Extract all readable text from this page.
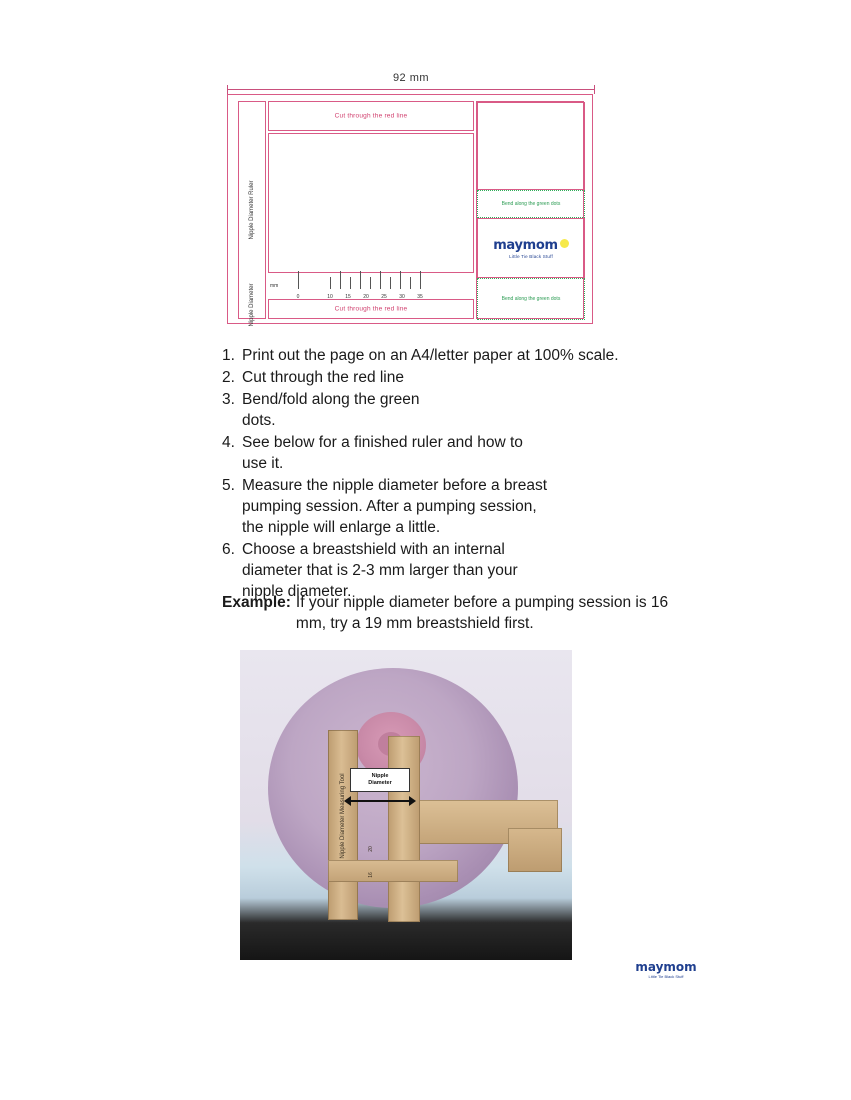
92 mm
Nipple Diameter Ruler
Cut through the red line
mm
0	10 15 20 25 30 35
Cut through the red line
Nipple Diameter
Bend along the green dots
maymom
Little Tie Black Stuff
Bend along the green dots
1. Print out the page on an A4/letter paper at 100% scale.
2. Cut through the red line
3. Bend/fold along the green dots.
4. See below for a finished ruler and how to use it.
5. Measure the nipple diameter before a breast pumping session. After a pumping session, the nipple will enlarge a little.
6. Choose a breastshield with an internal diameter that is 2-3 mm larger than your nipple diameter.
Example: If your nipple diameter before a pumping session is 16 mm, try a 19 mm breastshield first.
maymom
Little Tie Black Stuff
Nipple Diameter Measuring Tool	Nipple
Diameter
20
16
